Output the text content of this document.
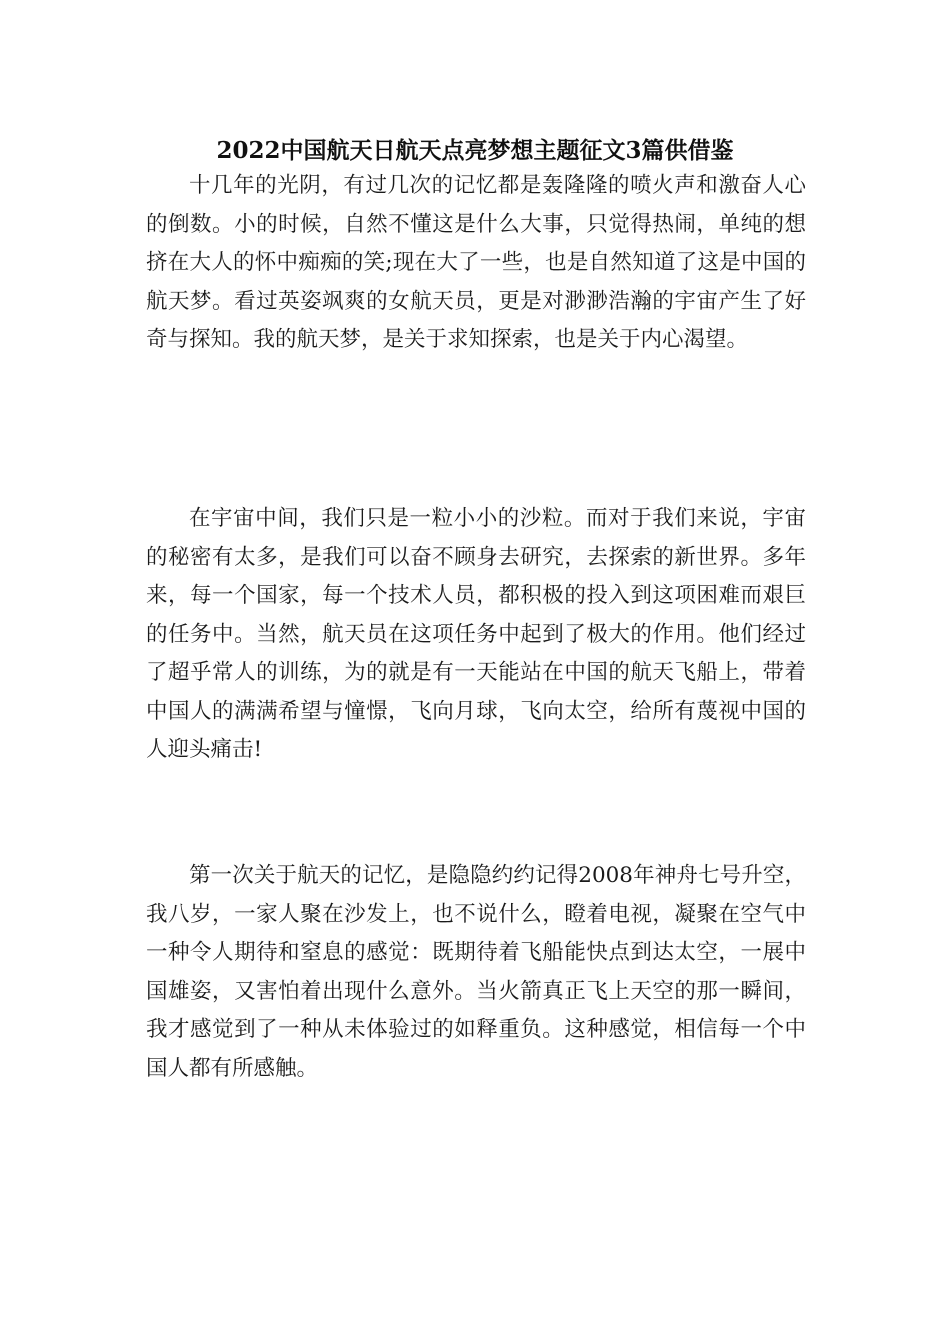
2022中国航天日航天点亮梦想主题征文3篇供借鉴

十几年的光阴，有过几次的记忆都是轰隆隆的喷火声和激奋人心的倒数。小的时候，自然不懂这是什么大事，只觉得热闹，单纯的想挤在大人的怀中痴痴的笑;现在大了一些，也是自然知道了这是中国的航天梦。看过英姿飒爽的女航天员，更是对渺渺浩瀚的宇宙产生了好奇与探知。我的航天梦，是关于求知探索，也是关于内心渴望。

在宇宙中间，我们只是一粒小小的沙粒。而对于我们来说，宇宙的秘密有太多，是我们可以奋不顾身去研究，去探索的新世界。多年来，每一个国家，每一个技术人员，都积极的投入到这项困难而艰巨的任务中。当然，航天员在这项任务中起到了极大的作用。他们经过了超乎常人的训练，为的就是有一天能站在中国的航天飞船上，带着中国人的满满希望与憧憬，飞向月球，飞向太空，给所有蔑视中国的人迎头痛击!

第一次关于航天的记忆，是隐隐约约记得2008年神舟七号升空，我八岁，一家人聚在沙发上，也不说什么，瞪着电视，凝聚在空气中一种令人期待和窒息的感觉：既期待着飞船能快点到达太空，一展中国雄姿，又害怕着出现什么意外。当火箭真正飞上天空的那一瞬间，我才感觉到了一种从未体验过的如释重负。这种感觉，相信每一个中国人都有所感触。
